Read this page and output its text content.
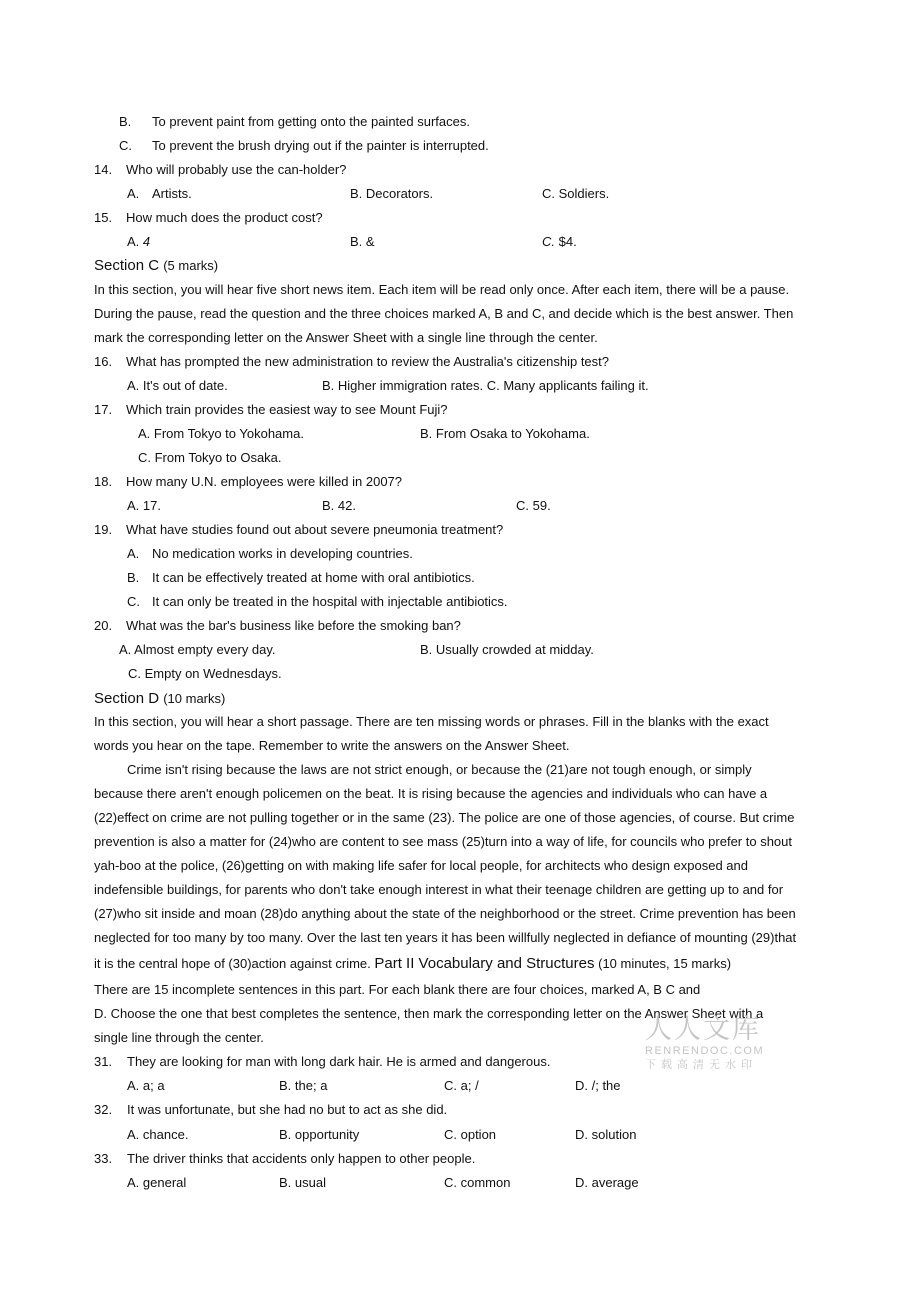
B. To prevent paint from getting onto the painted surfaces.
C. To prevent the brush drying out if the painter is interrupted.
14. Who will probably use the can-holder?
A. Artists.	B. Decorators.	C. Soldiers.
15. How much does the product cost?
A. 4	B. &	C. $4.
Section C (5 marks)
In this section, you will hear five short news item. Each item will be read only once. After each item, there will be a pause.
During the pause, read the question and the three choices marked A, B and C, and decide which is the best answer. Then
mark the corresponding letter on the Answer Sheet with a single line through the center.
16. What has prompted the new administration to review the Australia's citizenship test?
A. It's out of date.	B. Higher immigration rates. C. Many applicants failing it.
17. Which train provides the easiest way to see Mount Fuji?
A. From Tokyo to Yokohama.	B. From Osaka to Yokohama.
C. From Tokyo to Osaka.
18. How many U.N. employees were killed in 2007?
A. 17.	B. 42.	C. 59.
19. What have studies found out about severe pneumonia treatment?
A. No medication works in developing countries.
B. It can be effectively treated at home with oral antibiotics.
C. It can only be treated in the hospital with injectable antibiotics.
20. What was the bar's business like before the smoking ban?
A. Almost empty every day.	B. Usually crowded at midday.
C. Empty on Wednesdays.
Section D (10 marks)
In this section, you will hear a short passage. There are ten missing words or phrases. Fill in the blanks with the exact
words you hear on the tape. Remember to write the answers on the Answer Sheet.
Crime isn't rising because the laws are not strict enough, or because the (21)are not tough enough, or simply
because there aren't enough policemen on the beat. It is rising because the agencies and individuals who can have a
(22)effect on crime are not pulling together or in the same (23). The police are one of those agencies, of course. But crime
prevention is also a matter for (24)who are content to see mass (25)turn into a way of life, for councils who prefer to shout
yah-boo at the police, (26)getting on with making life safer for local people, for architects who design exposed and
indefensible buildings, for parents who don't take enough interest in what their teenage children are getting up to and for
(27)who sit inside and moan (28)do anything about the state of the neighborhood or the street. Crime prevention has been
neglected for too many by too many. Over the last ten years it has been willfully neglected in defiance of mounting (29)that
it is the central hope of (30)action against crime. Part II Vocabulary and Structures (10 minutes, 15 marks)
There are 15 incomplete sentences in this part. For each blank there are four choices, marked A, B C and
D. Choose the one that best completes the sentence, then mark the corresponding letter on the Answer Sheet with a
single line through the center.
31. They are looking for man with long dark hair. He is armed and dangerous.
A. a; a	B. the; a	C. a; /	D. /; the
32. It was unfortunate, but she had no but to act as she did.
A. chance.	B. opportunity	C. option	D. solution
33. The driver thinks that accidents only happen to other people.
A. general	B. usual	C. common	D. average
人人文库
RENRENDOC.COM
下载高清无水印
